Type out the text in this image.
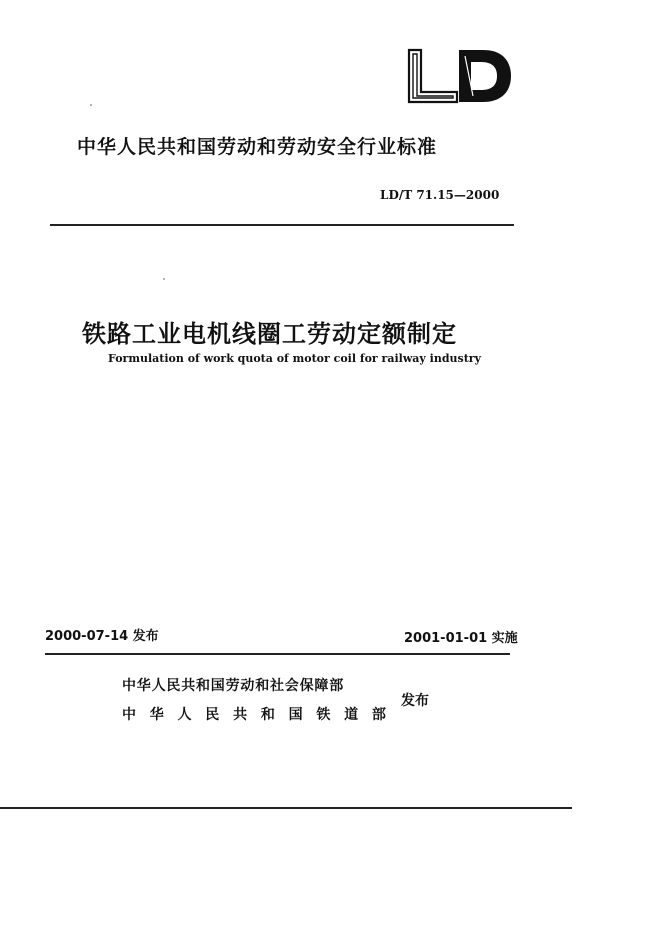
中华人民共和国劳动和劳动安全行业标准
LD/T 71.15—2000
铁路工业电机线圈工劳动定额制定
Formulation of work quota of motor coil for railway industry
2000-07-14 发布	2001-01-01 实施
中华人民共和国劳动和社会保障部
中 华 人 民 共 和 国 铁 道 部
发布
